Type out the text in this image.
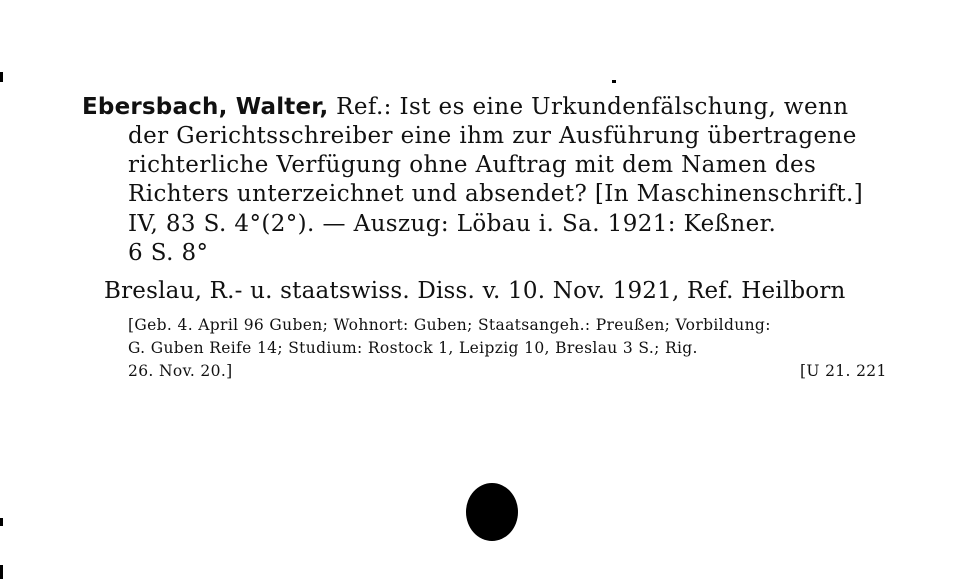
Ebersbach, Walter, Ref.: Ist es eine Urkundenfälschung, wenn
der Gerichtsschreiber eine ihm zur Ausführung übertragene
richterliche Verfügung ohne Auftrag mit dem Namen des
Richters unterzeichnet und absendet? [In Maschinenschrift.]
IV, 83 S. 4°(2°). — Auszug: Löbau i. Sa. 1921: Keßner.
6 S. 8°
Breslau, R.- u. staatswiss. Diss. v. 10. Nov. 1921, Ref. Heilborn
[Geb. 4. April 96 Guben; Wohnort: Guben; Staatsangeh.: Preußen; Vorbildung:
G. Guben Reife 14; Studium: Rostock 1, Leipzig 10, Breslau 3 S.; Rig.
26. Nov. 20.]	[U 21. 221
